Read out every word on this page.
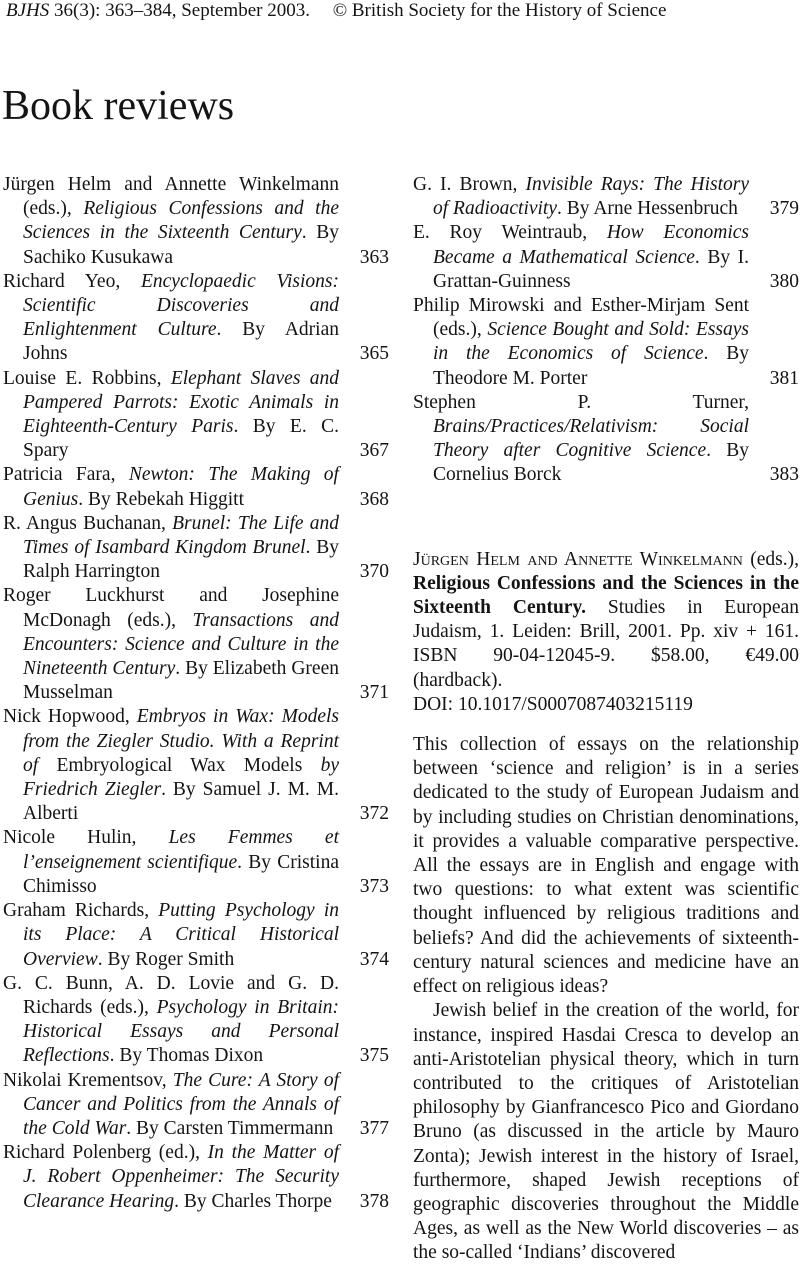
BJHS 36(3): 363–384, September 2003. © British Society for the History of Science
Book reviews
Jürgen Helm and Annette Winkelmann (eds.), Religious Confessions and the Sciences in the Sixteenth Century. By Sachiko Kusukawa	363
Richard Yeo, Encyclopaedic Visions: Scientific Discoveries and Enlightenment Culture. By Adrian Johns	365
Louise E. Robbins, Elephant Slaves and Pampered Parrots: Exotic Animals in Eighteenth-Century Paris. By E. C. Spary	367
Patricia Fara, Newton: The Making of Genius. By Rebekah Higgitt	368
R. Angus Buchanan, Brunel: The Life and Times of Isambard Kingdom Brunel. By Ralph Harrington	370
Roger Luckhurst and Josephine McDonagh (eds.), Transactions and Encounters: Science and Culture in the Nineteenth Century. By Elizabeth Green Musselman	371
Nick Hopwood, Embryos in Wax: Models from the Ziegler Studio. With a Reprint of Embryological Wax Models by Friedrich Ziegler. By Samuel J. M. M. Alberti	372
Nicole Hulin, Les Femmes et l’enseignement scientifique. By Cristina Chimisso	373
Graham Richards, Putting Psychology in its Place: A Critical Historical Overview. By Roger Smith	374
G. C. Bunn, A. D. Lovie and G. D. Richards (eds.), Psychology in Britain: Historical Essays and Personal Reflections. By Thomas Dixon	375
Nikolai Krementsov, The Cure: A Story of Cancer and Politics from the Annals of the Cold War. By Carsten Timmermann 377
Richard Polenberg (ed.), In the Matter of J. Robert Oppenheimer: The Security Clearance Hearing. By Charles Thorpe 378
G. I. Brown, Invisible Rays: The History of Radioactivity. By Arne Hessenbruch 379
E. Roy Weintraub, How Economics Became a Mathematical Science. By I. Grattan-Guinness	380
Philip Mirowski and Esther-Mirjam Sent (eds.), Science Bought and Sold: Essays in the Economics of Science. By Theodore M. Porter	381
Stephen P. Turner, Brains/Practices/Relativism: Social Theory after Cognitive Science. By Cornelius Borck	383
Jürgen Helm and Annette Winkelmann (eds.), Religious Confessions and the Sciences in the Sixteenth Century. Studies in European Judaism, 1. Leiden: Brill, 2001. Pp. xiv + 161. ISBN 90-04-12045-9. $58.00, €49.00 (hardback).
DOI: 10.1017/S0007087403215119

This collection of essays on the relationship between ‘science and religion’ is in a series dedicated to the study of European Judaism and by including studies on Christian denominations, it provides a valuable comparative perspective. All the essays are in English and engage with two questions: to what extent was scientific thought influenced by religious traditions and beliefs? And did the achievements of sixteenth-century natural sciences and medicine have an effect on religious ideas?

Jewish belief in the creation of the world, for instance, inspired Hasdai Cresca to develop an anti-Aristotelian physical theory, which in turn contributed to the critiques of Aristotelian philosophy by Gianfrancesco Pico and Giordano Bruno (as discussed in the article by Mauro Zonta); Jewish interest in the history of Israel, furthermore, shaped Jewish receptions of geographic discoveries throughout the Middle Ages, as well as the New World discoveries – as the so-called ‘Indians’ discovered
